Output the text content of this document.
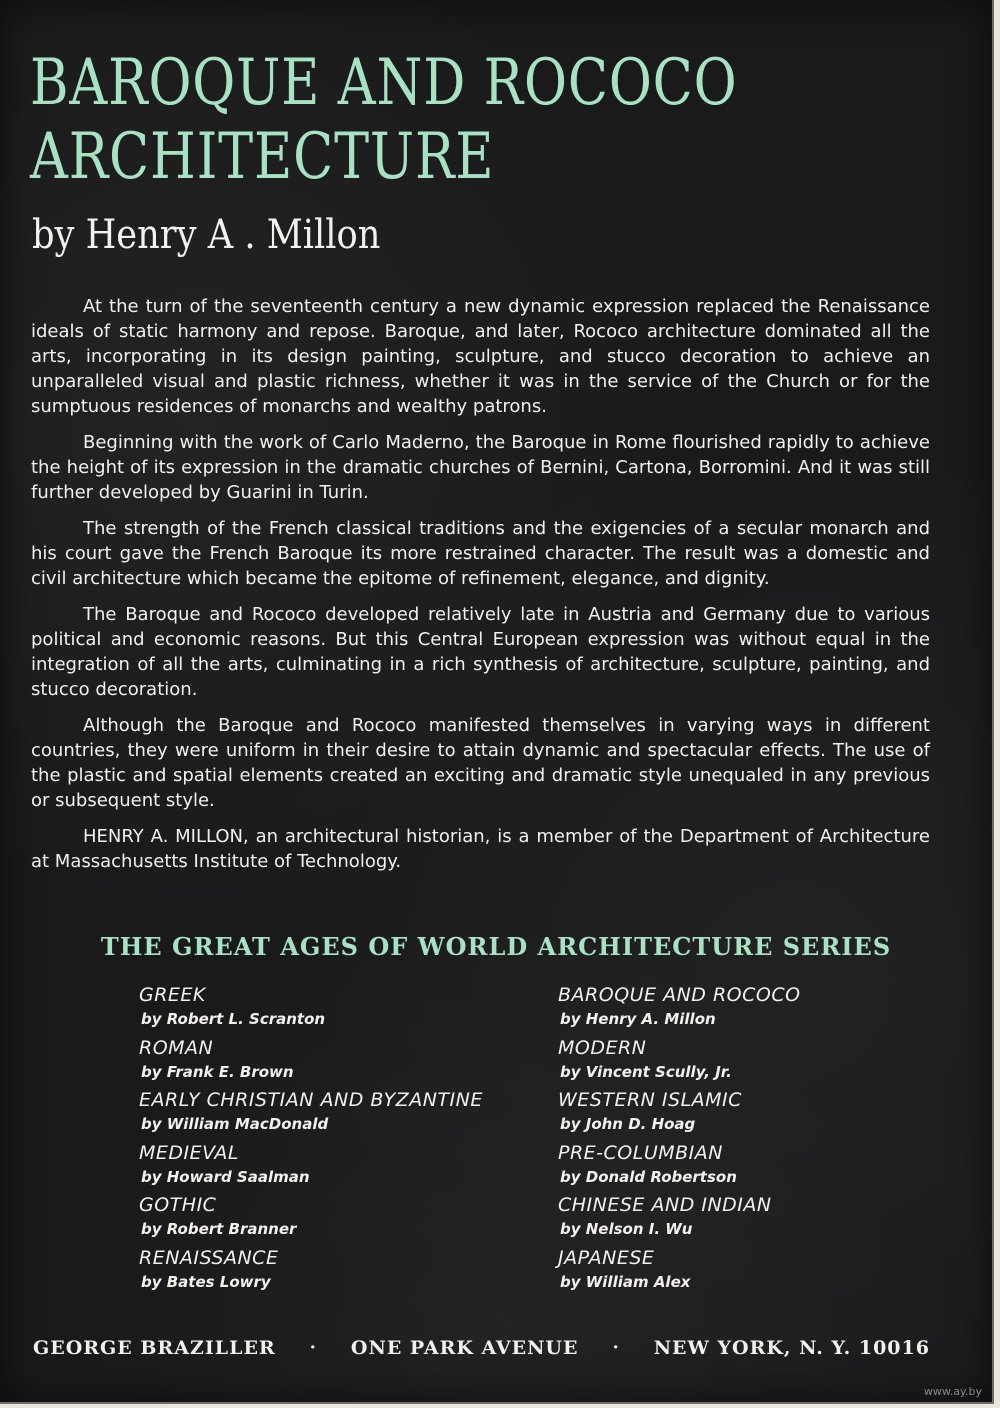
BAROQUE AND ROCOCO
ARCHITECTURE
by Henry A . Millon

At the turn of the seventeenth century a new dynamic expression replaced the Renaissance ideals of static harmony and repose. Baroque, and later, Rococo architecture dominated all the arts, incorporating in its design painting, sculpture, and stucco decoration to achieve an unparalleled visual and plastic richness, whether it was in the service of the Church or for the sumptuous residences of monarchs and wealthy patrons.

Beginning with the work of Carlo Maderno, the Baroque in Rome flourished rapidly to achieve the height of its expression in the dramatic churches of Bernini, Cartona, Borromini. And it was still further developed by Guarini in Turin.

The strength of the French classical traditions and the exigencies of a secular monarch and his court gave the French Baroque its more restrained character. The result was a domestic and civil architecture which became the epitome of refinement, elegance, and dignity.

The Baroque and Rococo developed relatively late in Austria and Germany due to various political and economic reasons. But this Central European expression was without equal in the integration of all the arts, culminating in a rich synthesis of architecture, sculpture, painting, and stucco decoration.

Although the Baroque and Rococo manifested themselves in varying ways in different countries, they were uniform in their desire to attain dynamic and spectacular effects. The use of the plastic and spatial elements created an exciting and dramatic style unequaled in any previous or subsequent style.

HENRY A. MILLON, an architectural historian, is a member of the Department of Architecture at Massachusetts Institute of Technology.

THE GREAT AGES OF WORLD ARCHITECTURE SERIES
GREEK
by Robert L. Scranton
ROMAN
by Frank E. Brown
EARLY CHRISTIAN AND BYZANTINE
by William MacDonald
MEDIEVAL
by Howard Saalman
GOTHIC
by Robert Branner
RENAISSANCE
by Bates Lowry
BAROQUE AND ROCOCO
by Henry A. Millon
MODERN
by Vincent Scully, Jr.
WESTERN ISLAMIC
by John D. Hoag
PRE-COLUMBIAN
by Donald Robertson
CHINESE AND INDIAN
by Nelson I. Wu
JAPANESE
by William Alex
GEORGE BRAZILLER · ONE PARK AVENUE · NEW YORK, N. Y. 10016
www.ay.by
